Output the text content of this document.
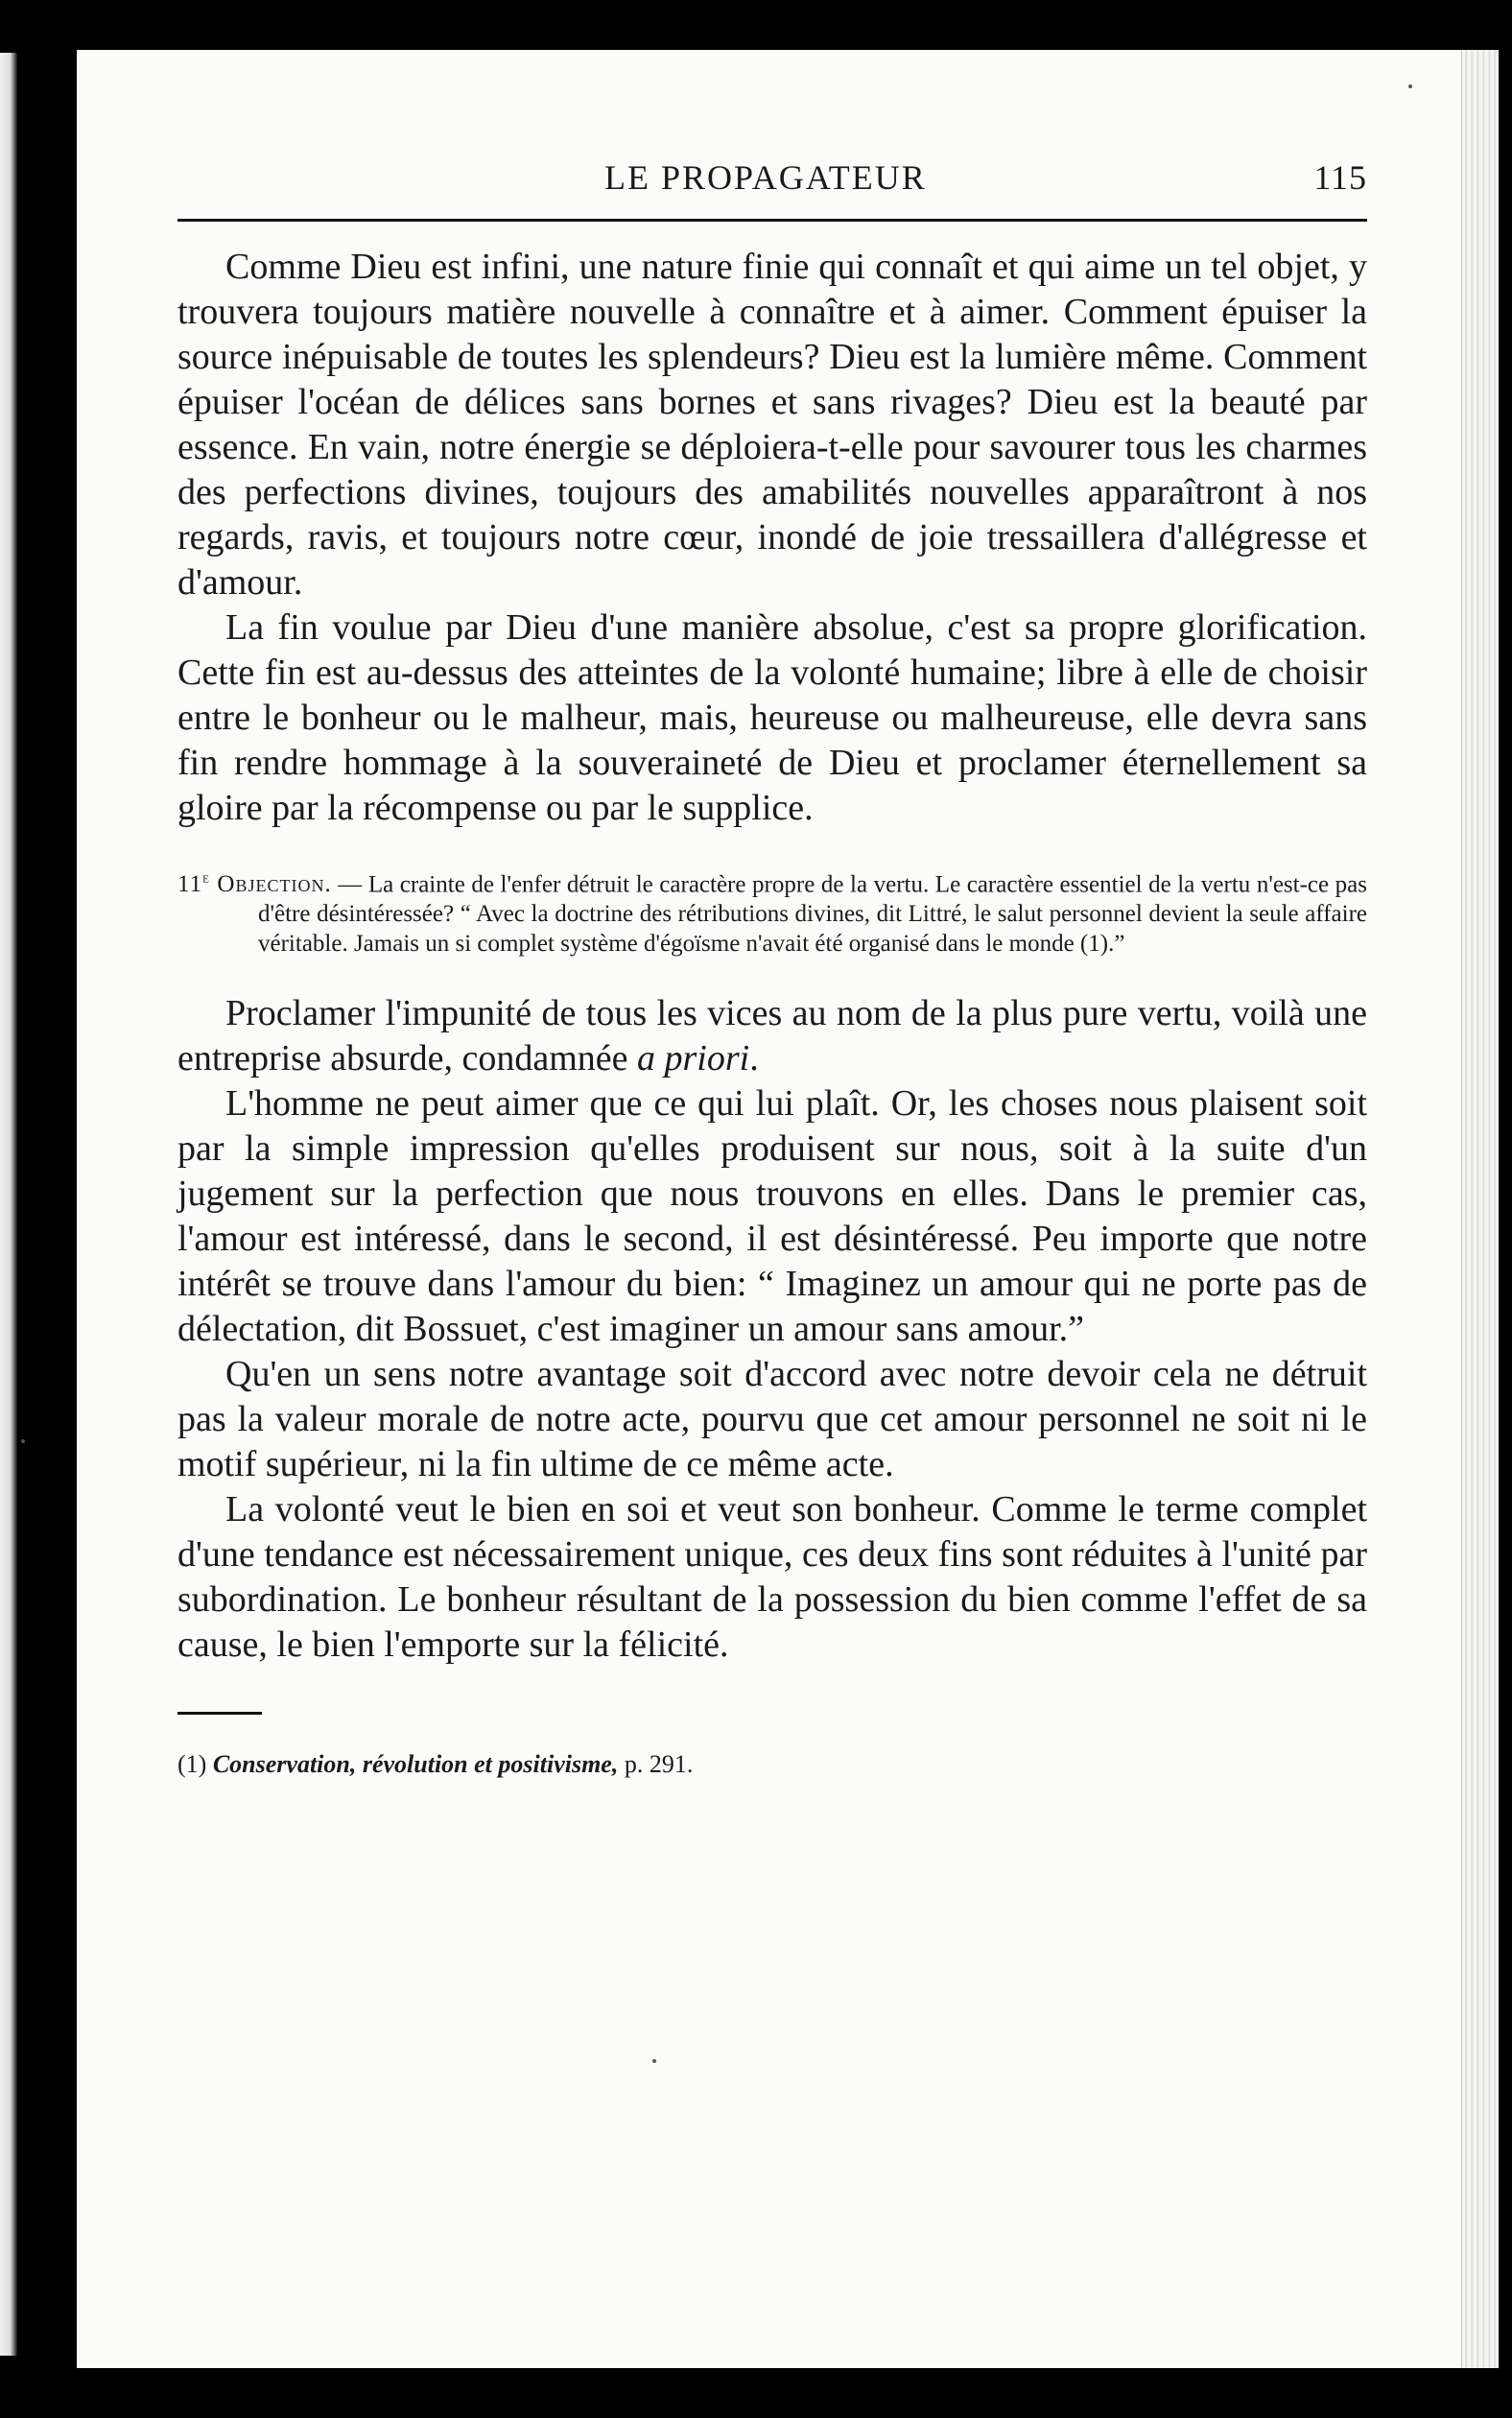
LE PROPAGATEUR	115

Comme Dieu est infini, une nature finie qui connaît et qui aime un tel objet, y trouvera toujours matière nouvelle à connaître et à aimer. Comment épuiser la source inépuisable de toutes les splendeurs? Dieu est la lumière même. Comment épuiser l'océan de délices sans bornes et sans rivages? Dieu est la beauté par essence. En vain, notre énergie se déploiera-t-elle pour savourer tous les charmes des perfections divines, toujours des amabilités nouvelles apparaîtront à nos regards, ravis, et toujours notre cœur, inondé de joie tressaillera d'allégresse et d'amour.

La fin voulue par Dieu d'une manière absolue, c'est sa propre glorification. Cette fin est au-dessus des atteintes de la volonté humaine; libre à elle de choisir entre le bonheur ou le malheur, mais, heureuse ou malheureuse, elle devra sans fin rendre hommage à la souveraineté de Dieu et proclamer éternellement sa gloire par la récompense ou par le supplice.

11e Objection. — La crainte de l'enfer détruit le caractère propre de la vertu. Le caractère essentiel de la vertu n'est-ce pas d'être désintéressée? “ Avec la doctrine des rétributions divines, dit Littré, le salut personnel devient la seule affaire véritable. Jamais un si complet système d'égoïsme n'avait été organisé dans le monde (1).”

Proclamer l'impunité de tous les vices au nom de la plus pure vertu, voilà une entreprise absurde, condamnée a priori.

L'homme ne peut aimer que ce qui lui plaît. Or, les choses nous plaisent soit par la simple impression qu'elles produisent sur nous, soit à la suite d'un jugement sur la perfection que nous trouvons en elles. Dans le premier cas, l'amour est intéressé, dans le second, il est désintéressé. Peu importe que notre intérêt se trouve dans l'amour du bien: “ Imaginez un amour qui ne porte pas de délectation, dit Bossuet, c'est imaginer un amour sans amour.”

Qu'en un sens notre avantage soit d'accord avec notre devoir cela ne détruit pas la valeur morale de notre acte, pourvu que cet amour personnel ne soit ni le motif supérieur, ni la fin ultime de ce même acte.

La volonté veut le bien en soi et veut son bonheur. Comme le terme complet d'une tendance est nécessairement unique, ces deux fins sont réduites à l'unité par subordination. Le bonheur résultant de la possession du bien comme l'effet de sa cause, le bien l'emporte sur la félicité.

(1) Conservation, révolution et positivisme, p. 291.
